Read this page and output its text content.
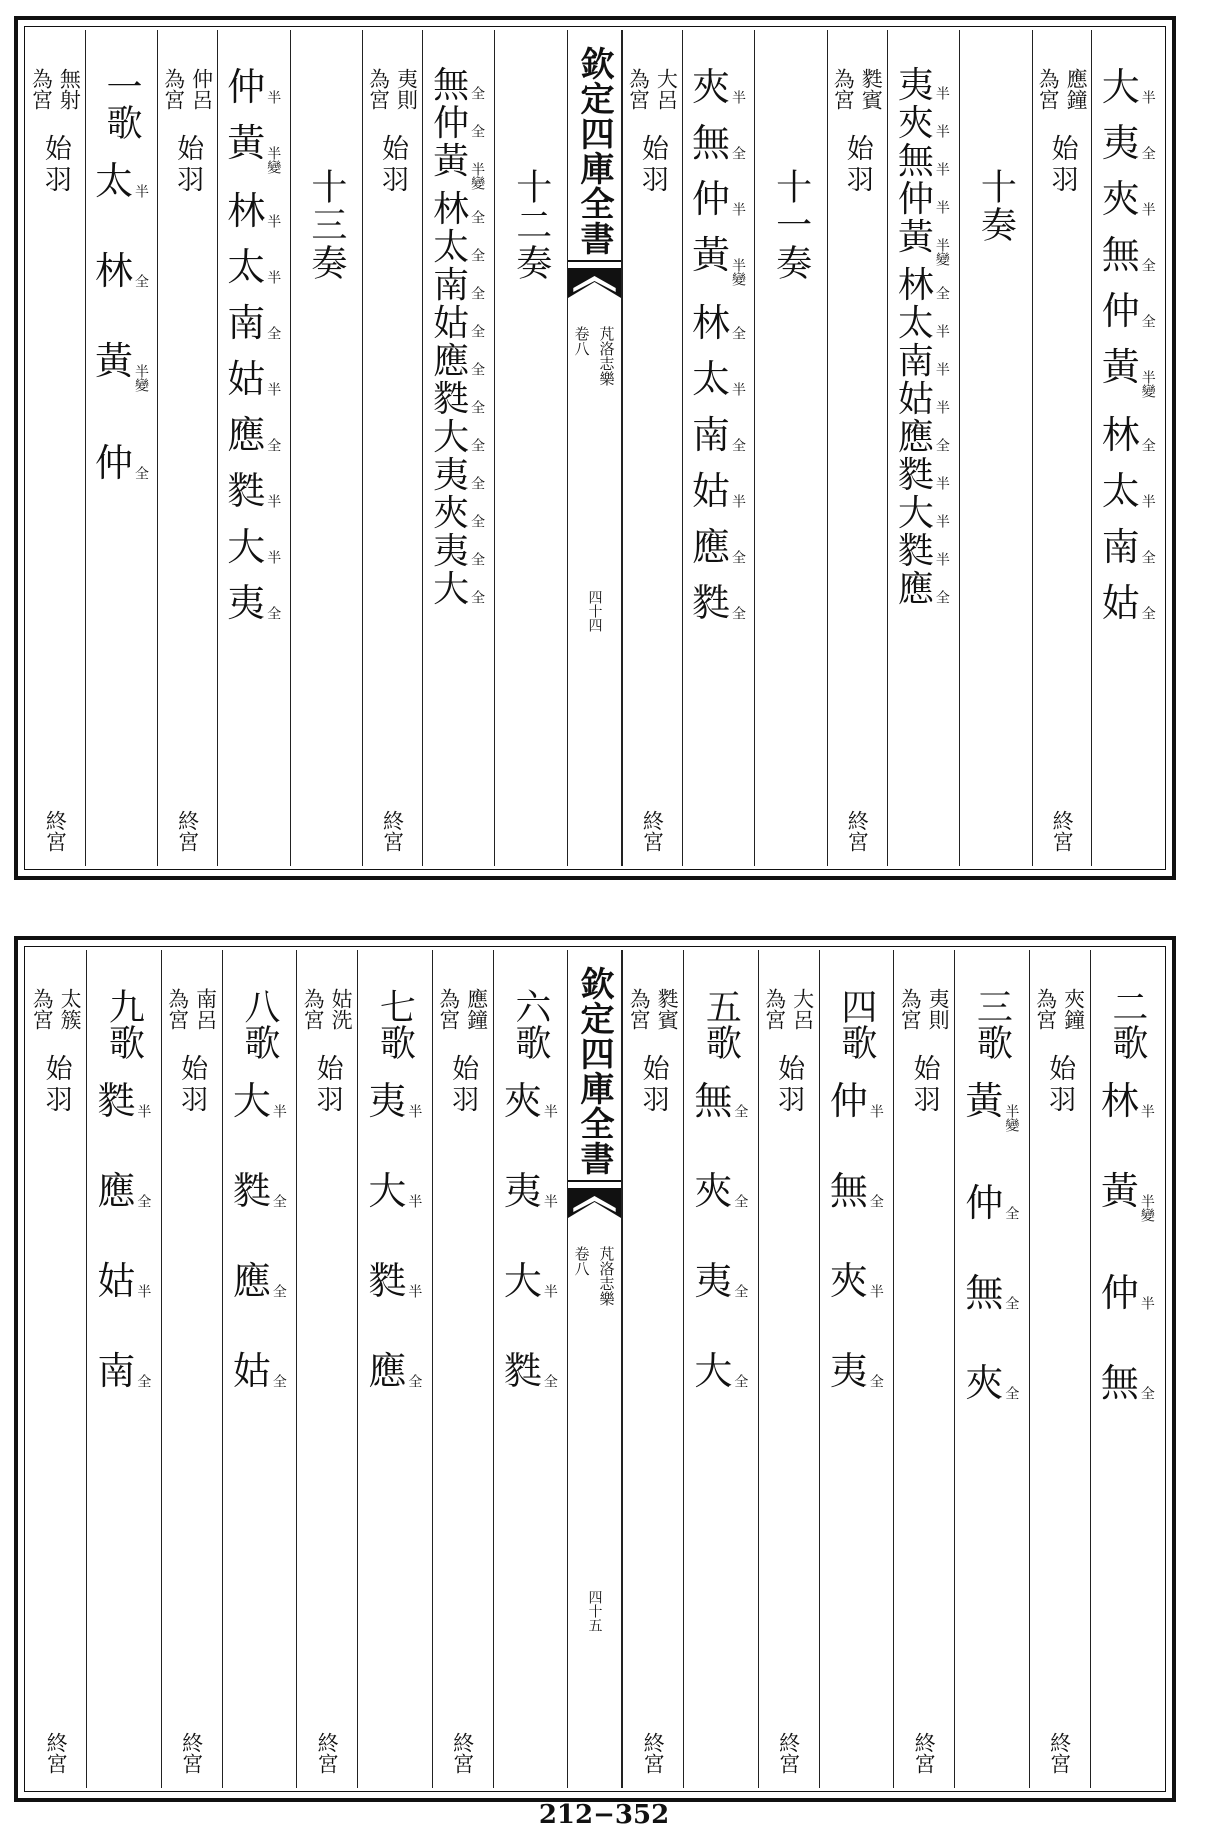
大 半
夷 全
夾 半
無 全
仲 全
黃 半變
林 全
太 半
南 全
姑 全
應鐘
為宮
始羽
終宮
十奏
夷 半
夾 半
無 半
仲 半
黃 半變
林 全
太 半
南 半
姑 半
應 全
㽔 半
大 半
㽔 半
應 全
㽔賓
為宮
始羽
終宮
十一奏
夾 半
無 全
仲 半
黃 半變
林 全
太 半
南 全
姑 半
應 全
㽔 全
大呂
為宮
始羽
終宮
欽定四庫全書
芃洛志樂
卷八
四十四
十二奏
無 全
仲 全
黃 半變
林 全
太 全
南 全
姑 全
應 全
㽔 全
大 全
夷 全
夾 全
夷 全
大 全
夷則
為宮
始羽
終宮
十三奏
仲 半
黃 半變
林 半
太 半
南 全
姑 半
應 全
㽔 半
大 半
夷 全
仲呂
為宮
始羽
終宮
一歌
太 半
林 全
黃 半變
仲 全
無射
為宮
始羽
終宮
二歌
林 半
黃 半變
仲 半
無 全
夾鐘
為宮
始羽
終宮
三歌
黃 半變
仲 全
無 全
夾 全
夷則
為宮
始羽
終宮
四歌
仲 半
無 全
夾 半
夷 全
大呂
為宮
始羽
終宮
五歌
無 全
夾 全
夷 全
大 全
㽔賓
為宮
始羽
終宮
欽定四庫全書
芃洛志樂
卷八
四十五
六歌
夾 半
夷 半
大 半
㽔 全
應鐘
為宮
始羽
終宮
七歌
夷 半
大 半
㽔 半
應 全
姑洗
為宮
始羽
終宮
八歌
大 半
㽔 全
應 全
姑 全
南呂
為宮
始羽
終宮
九歌
㽔 半
應 全
姑 半
南 全
太簇
為宮
始羽
終宮
212−352
